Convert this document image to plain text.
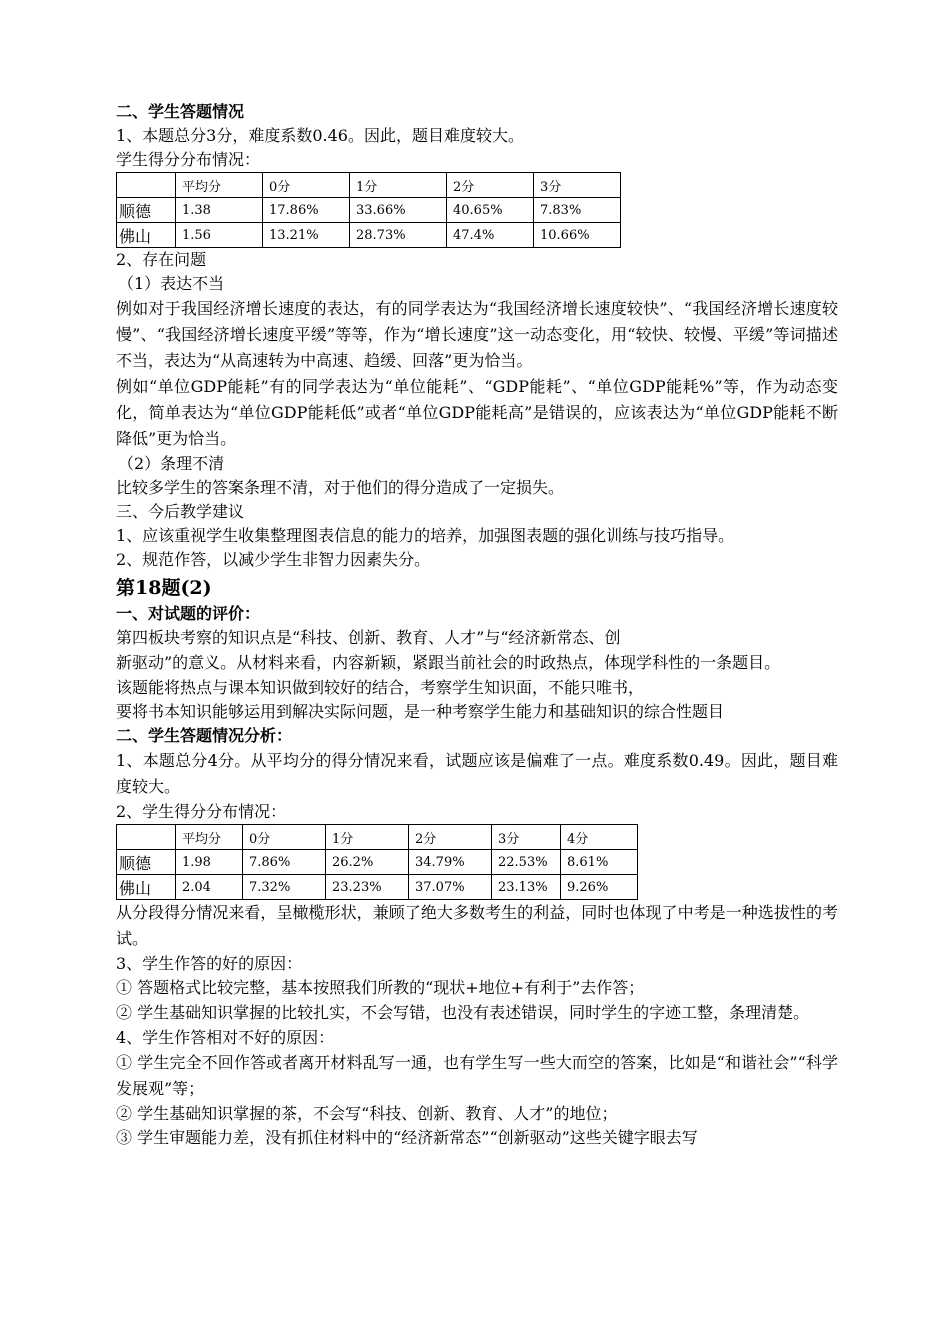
二、学生答题情况
1、本题总分3分，难度系数0.46。因此，题目难度较大。
学生得分分布情况：
	平均分	0分	1分	2分	3分
顺德	1.38	17.86%	33.66%	40.65%	7.83%
佛山	1.56	13.21%	28.73%	47.4%	10.66%
2、存在问题
（1）表达不当
例如对于我国经济增长速度的表达，有的同学表达为“我国经济增长速度较快”、“我国经济增长速度较慢”、“我国经济增长速度平缓”等等，作为“增长速度”这一动态变化，用“较快、较慢、平缓”等词描述不当，表达为“从高速转为中高速、趋缓、回落”更为恰当。
例如“单位GDP能耗”有的同学表达为“单位能耗”、“GDP能耗”、“单位GDP能耗%”等，作为动态变化，简单表达为“单位GDP能耗低”或者“单位GDP能耗高”是错误的，应该表达为“单位GDP能耗不断降低”更为恰当。
（2）条理不清
比较多学生的答案条理不清，对于他们的得分造成了一定损失。
三、今后教学建议
1、应该重视学生收集整理图表信息的能力的培养，加强图表题的强化训练与技巧指导。
2、规范作答，以减少学生非智力因素失分。
第18题(2)
一、对试题的评价：
第四板块考察的知识点是“科技、创新、教育、人才”与“经济新常态、创
新驱动”的意义。从材料来看，内容新颖，紧跟当前社会的时政热点，体现学科性的一条题目。
该题能将热点与课本知识做到较好的结合，考察学生知识面，不能只唯书，
要将书本知识能够运用到解决实际问题，是一种考察学生能力和基础知识的综合性题目
二、学生答题情况分析：
1、本题总分4分。从平均分的得分情况来看，试题应该是偏难了一点。难度系数0.49。因此，题目难度较大。
2、学生得分分布情况：
	平均分	0分	1分	2分	3分	4分
顺德	1.98	7.86%	26.2%	34.79%	22.53%	8.61%
佛山	2.04	7.32%	23.23%	37.07%	23.13%	9.26%
从分段得分情况来看，呈橄榄形状，兼顾了绝大多数考生的利益，同时也体现了中考是一种选拔性的考试。
3、学生作答的好的原因：
① 答题格式比较完整，基本按照我们所教的“现状+地位+有利于”去作答；
② 学生基础知识掌握的比较扎实，不会写错，也没有表述错误，同时学生的字迹工整，条理清楚。
4、学生作答相对不好的原因：
① 学生完全不回作答或者离开材料乱写一通，也有学生写一些大而空的答案，比如是“和谐社会”“科学发展观”等；
② 学生基础知识掌握的茶，不会写“科技、创新、教育、人才”的地位；
③ 学生审题能力差，没有抓住材料中的“经济新常态”“创新驱动”这些关键字眼去写
